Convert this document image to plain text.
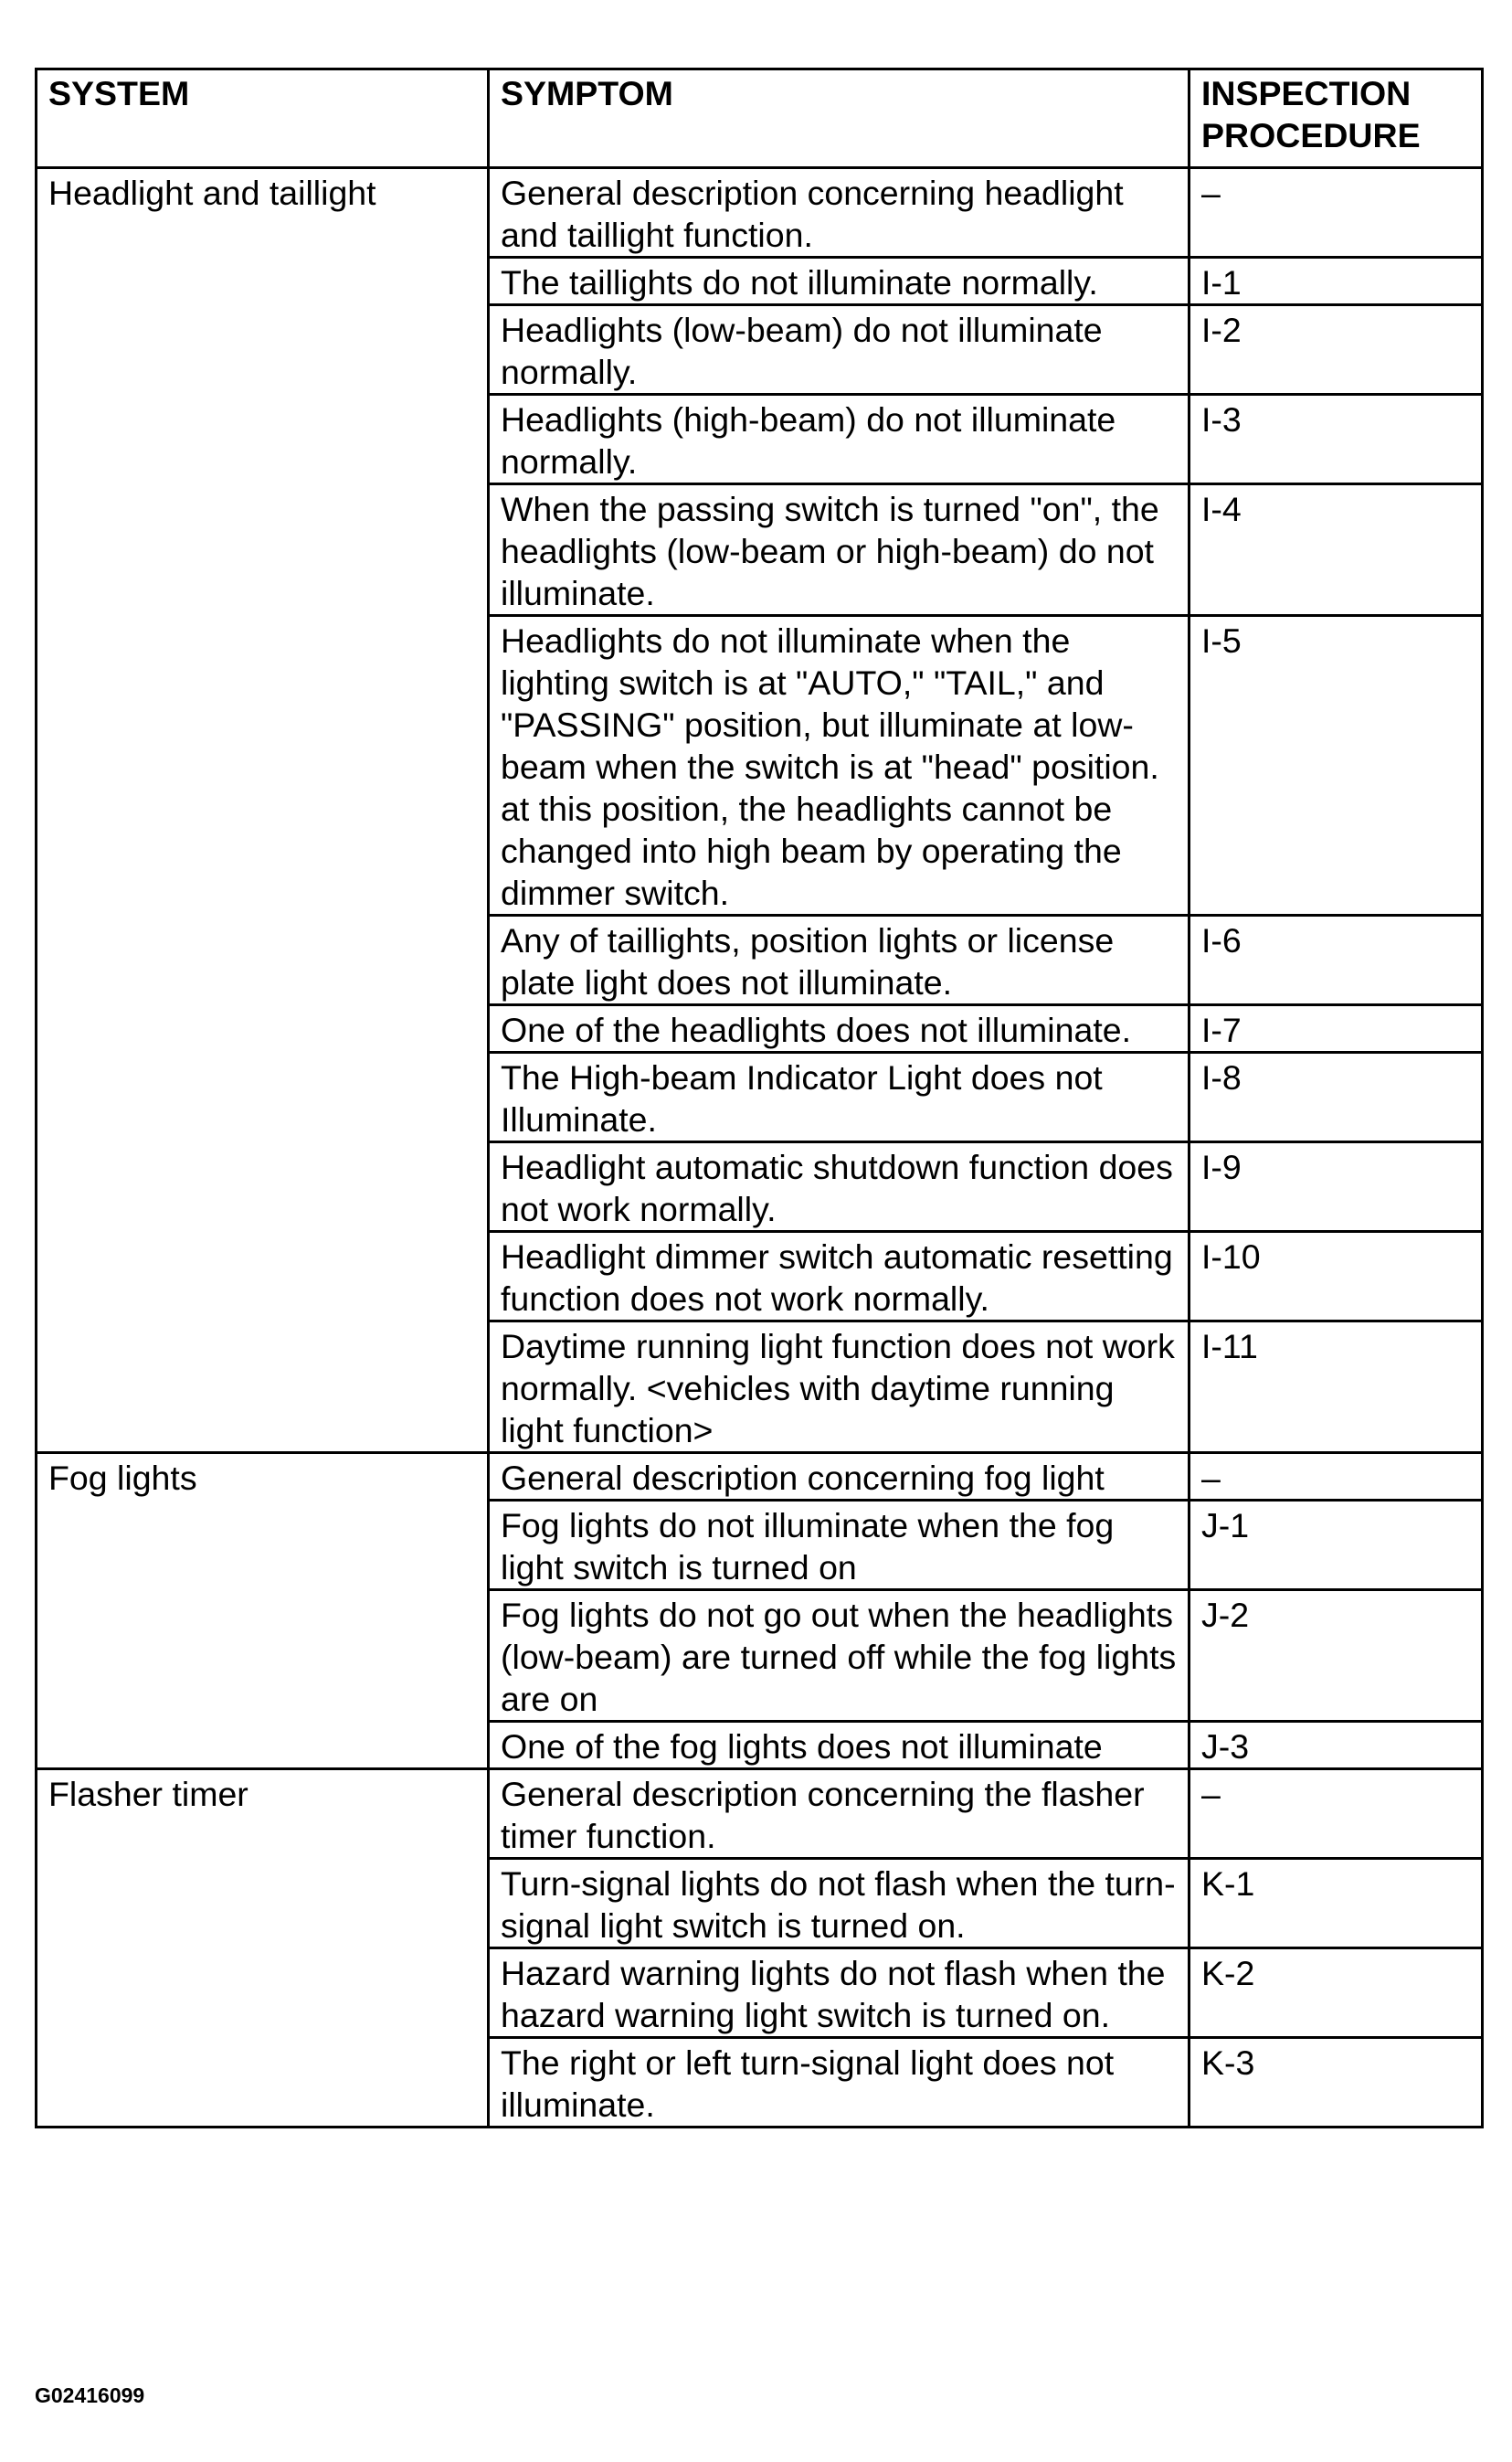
SYSTEM	SYMPTOM	INSPECTION PROCEDURE
Headlight and taillight	General description concerning headlight and taillight function.	–
	The taillights do not illuminate normally.	I-1
	Headlights (low-beam) do not illuminate normally.	I-2
	Headlights (high-beam) do not illuminate normally.	I-3
	When the passing switch is turned "on", the headlights (low-beam or high-beam) do not illuminate.	I-4
	Headlights do not illuminate when the lighting switch is at "AUTO," "TAIL," and "PASSING" position, but illuminate at low-beam when the switch is at "head" position. at this position, the headlights cannot be changed into high beam by operating the dimmer switch.	I-5
	Any of taillights, position lights or license plate light does not illuminate.	I-6
	One of the headlights does not illuminate.	I-7
	The High-beam Indicator Light does not Illuminate.	I-8
	Headlight automatic shutdown function does not work normally.	I-9
	Headlight dimmer switch automatic resetting function does not work normally.	I-10
	Daytime running light function does not work normally. <vehicles with daytime running light function>	I-11
Fog lights	General description concerning fog light	–
	Fog lights do not illuminate when the fog light switch is turned on	J-1
	Fog lights do not go out when the headlights (low-beam) are turned off while the fog lights are on	J-2
	One of the fog lights does not illuminate	J-3
Flasher timer	General description concerning the flasher timer function.	–
	Turn-signal lights do not flash when the turn-signal light switch is turned on.	K-1
	Hazard warning lights do not flash when the hazard warning light switch is turned on.	K-2
	The right or left turn-signal light does not illuminate.	K-3
G02416099
